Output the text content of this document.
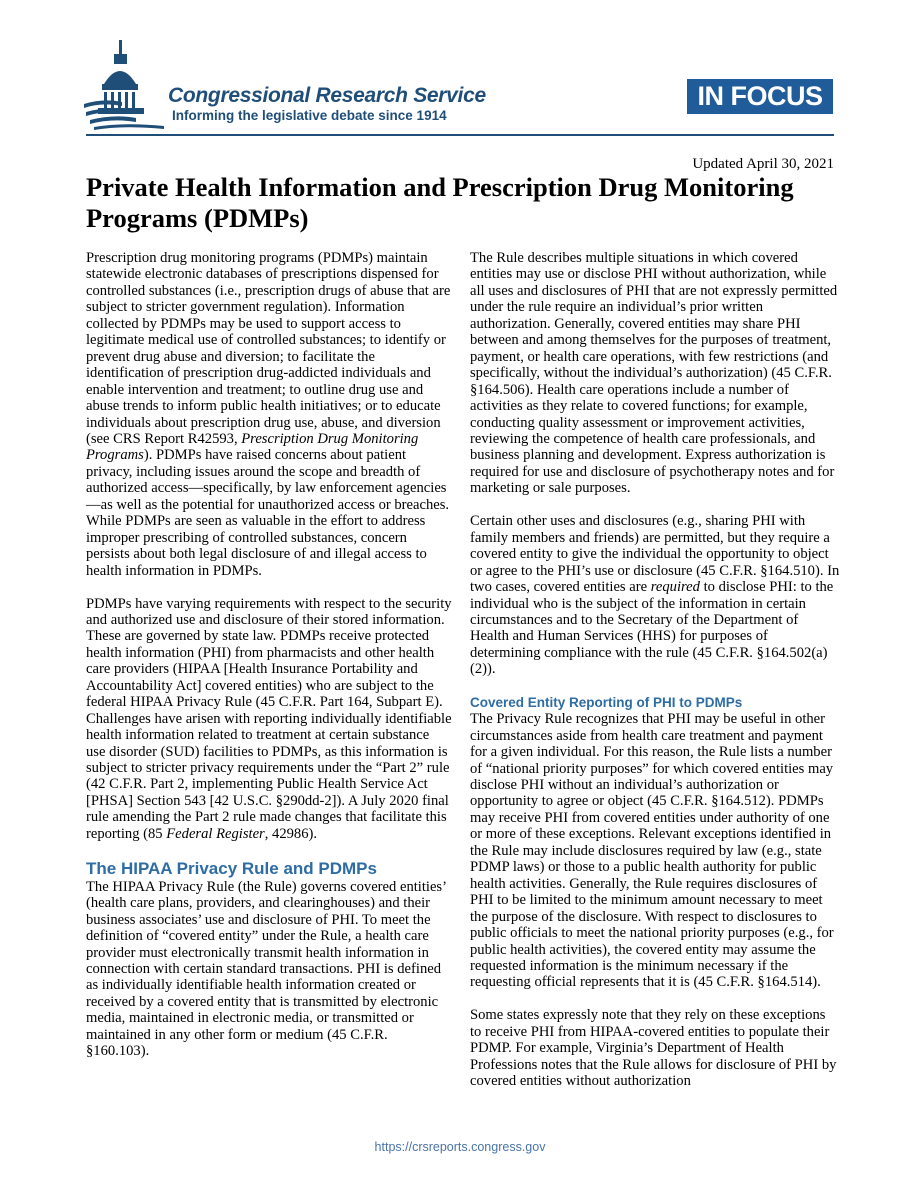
Congressional Research Service
Informing the legislative debate since 1914
IN FOCUS
Updated April 30, 2021
Private Health Information and Prescription Drug Monitoring Programs (PDMPs)

Prescription drug monitoring programs (PDMPs) maintain statewide electronic databases of prescriptions dispensed for controlled substances (i.e., prescription drugs of abuse that are subject to stricter government regulation). Information collected by PDMPs may be used to support access to legitimate medical use of controlled substances; to identify or prevent drug abuse and diversion; to facilitate the identification of prescription drug-addicted individuals and enable intervention and treatment; to outline drug use and abuse trends to inform public health initiatives; or to educate individuals about prescription drug use, abuse, and diversion (see CRS Report R42593, Prescription Drug Monitoring Programs). PDMPs have raised concerns about patient privacy, including issues around the scope and breadth of authorized access—specifically, by law enforcement agencies—as well as the potential for unauthorized access or breaches. While PDMPs are seen as valuable in the effort to address improper prescribing of controlled substances, concern persists about both legal disclosure of and illegal access to health information in PDMPs.

PDMPs have varying requirements with respect to the security and authorized use and disclosure of their stored information. These are governed by state law. PDMPs receive protected health information (PHI) from pharmacists and other health care providers (HIPAA [Health Insurance Portability and Accountability Act] covered entities) who are subject to the federal HIPAA Privacy Rule (45 C.F.R. Part 164, Subpart E). Challenges have arisen with reporting individually identifiable health information related to treatment at certain substance use disorder (SUD) facilities to PDMPs, as this information is subject to stricter privacy requirements under the “Part 2” rule (42 C.F.R. Part 2, implementing Public Health Service Act [PHSA] Section 543 [42 U.S.C. §290dd-2]). A July 2020 final rule amending the Part 2 rule made changes that facilitate this reporting (85 Federal Register, 42986).

The HIPAA Privacy Rule and PDMPs

The HIPAA Privacy Rule (the Rule) governs covered entities’ (health care plans, providers, and clearinghouses) and their business associates’ use and disclosure of PHI. To meet the definition of “covered entity” under the Rule, a health care provider must electronically transmit health information in connection with certain standard transactions. PHI is defined as individually identifiable health information created or received by a covered entity that is transmitted by electronic media, maintained in electronic media, or transmitted or maintained in any other form or medium (45 C.F.R. §160.103).

The Rule describes multiple situations in which covered entities may use or disclose PHI without authorization, while all uses and disclosures of PHI that are not expressly permitted under the rule require an individual’s prior written authorization. Generally, covered entities may share PHI between and among themselves for the purposes of treatment, payment, or health care operations, with few restrictions (and specifically, without the individual’s authorization) (45 C.F.R. §164.506). Health care operations include a number of activities as they relate to covered functions; for example, conducting quality assessment or improvement activities, reviewing the competence of health care professionals, and business planning and development. Express authorization is required for use and disclosure of psychotherapy notes and for marketing or sale purposes.

Certain other uses and disclosures (e.g., sharing PHI with family members and friends) are permitted, but they require a covered entity to give the individual the opportunity to object or agree to the PHI’s use or disclosure (45 C.F.R. §164.510). In two cases, covered entities are required to disclose PHI: to the individual who is the subject of the information in certain circumstances and to the Secretary of the Department of Health and Human Services (HHS) for purposes of determining compliance with the rule (45 C.F.R. §164.502(a)(2)).

Covered Entity Reporting of PHI to PDMPs

The Privacy Rule recognizes that PHI may be useful in other circumstances aside from health care treatment and payment for a given individual. For this reason, the Rule lists a number of “national priority purposes” for which covered entities may disclose PHI without an individual’s authorization or opportunity to agree or object (45 C.F.R. §164.512). PDMPs may receive PHI from covered entities under authority of one or more of these exceptions. Relevant exceptions identified in the Rule may include disclosures required by law (e.g., state PDMP laws) or those to a public health authority for public health activities. Generally, the Rule requires disclosures of PHI to be limited to the minimum amount necessary to meet the purpose of the disclosure. With respect to disclosures to public officials to meet the national priority purposes (e.g., for public health activities), the covered entity may assume the requested information is the minimum necessary if the requesting official represents that it is (45 C.F.R. §164.514).

Some states expressly note that they rely on these exceptions to receive PHI from HIPAA-covered entities to populate their PDMP. For example, Virginia’s Department of Health Professions notes that the Rule allows for disclosure of PHI by covered entities without authorization

https://crsreports.congress.gov
